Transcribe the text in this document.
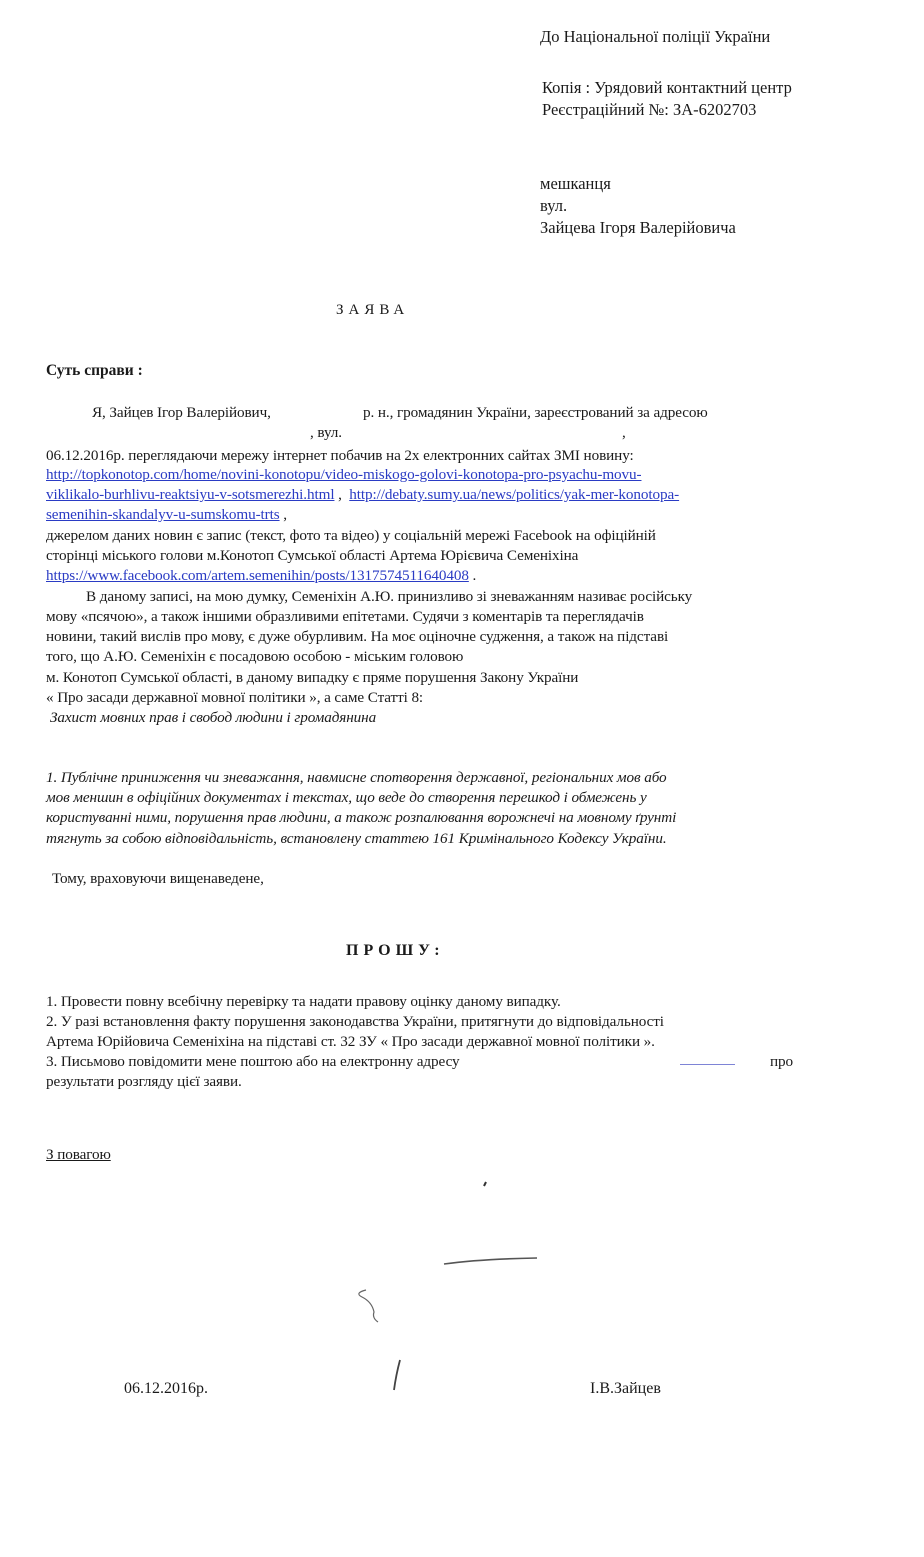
До Національної поліції України
Копія : Урядовий контактний центр
Реєстраційний №: ЗА-6202703
мешканця
вул.
Зайцева Ігоря Валерійовича
ЗАЯВА
Суть справи :
Я, Зайцев Ігор Валерійович,	р. н., громадянин України, зареєстрований за адресою
, вул.	,
06.12.2016р. переглядаючи мережу інтернет побачив на 2х електронних сайтах ЗМІ новину:
http://topkonotop.com/home/novini-konotopu/video-miskogo-golovi-konotopa-pro-psyachu-movu-
viklikalo-burhlivu-reaktsiyu-v-sotsmerezhi.html ,  http://debaty.sumy.ua/news/politics/yak-mer-konotopa-
semenihin-skandalyv-u-sumskomu-trts ,
джерелом даних новин є запис (текст, фото та відео) у соціальній мережі Facebook на офіційній
сторінці міського голови м.Конотоп Сумської області Артема Юрієвича Семеніхіна
https://www.facebook.com/artem.semenihin/posts/1317574511640408 .
В даному записі, на мою думку, Семеніхін А.Ю. принизливо зі зневажанням називає російську
мову «псячою», а також іншими образливими епітетами. Судячи з коментарів та переглядачів
новини, такий вислів про мову, є дуже обурливим. На моє оціночне судження, а також на підставі
того, що А.Ю. Семеніхін є посадовою особою - міським головою
м. Конотоп Сумської області, в даному випадку є пряме порушення Закону України
« Про засади державної мовної політики », а саме Статті 8:
Захист мовних прав і свобод людини і громадянина
1. Публічне приниження чи зневажання, навмисне спотворення державної, регіональних мов або
мов меншин в офіційних документах і текстах, що веде до створення перешкод і обмежень у
користуванні ними, порушення прав людини, а також розпалювання ворожнечі на мовному ґрунті
тягнуть за собою відповідальність, встановлену статтею 161 Кримінального Кодексу України.
Тому, враховуючи вищенаведене,
ПРОШУ:
1. Провести повну всебічну перевірку та надати правову оцінку даному випадку.
2. У разі встановлення факту порушення законодавства України, притягнути до відповідальності
Артема Юрійовича Семеніхіна на підставі ст. 32 ЗУ « Про засади державної мовної політики ».
3. Письмово повідомити мене поштою або на електронну адресу	про
результати розгляду цієї заяви.
З повагою
06.12.2016р.	І.В.Зайцев
